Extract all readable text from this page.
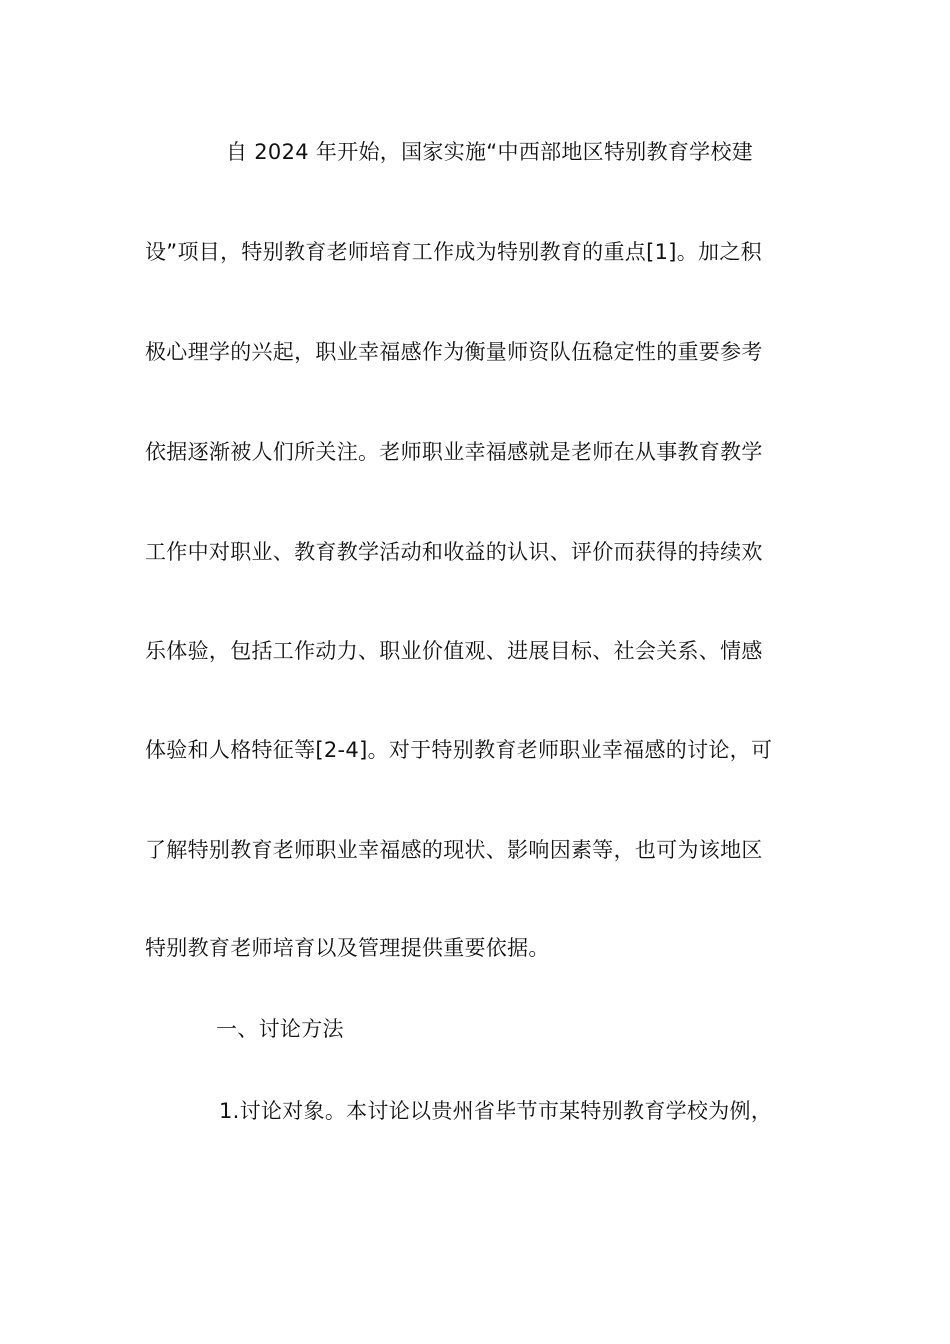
自 2024 年开始，国家实施“中西部地区特别教育学校建
设”项目，特别教育老师培育工作成为特别教育的重点[1]。加之积
极心理学的兴起，职业幸福感作为衡量师资队伍稳定性的重要参考
依据逐渐被人们所关注。老师职业幸福感就是老师在从事教育教学
工作中对职业、教育教学活动和收益的认识、评价而获得的持续欢
乐体验，包括工作动力、职业价值观、进展目标、社会关系、情感
体验和人格特征等[2-4]。对于特别教育老师职业幸福感的讨论，可
了解特别教育老师职业幸福感的现状、影响因素等，也可为该地区
特别教育老师培育以及管理提供重要依据。
一、讨论方法
1.讨论对象。本讨论以贵州省毕节市某特别教育学校为例，
